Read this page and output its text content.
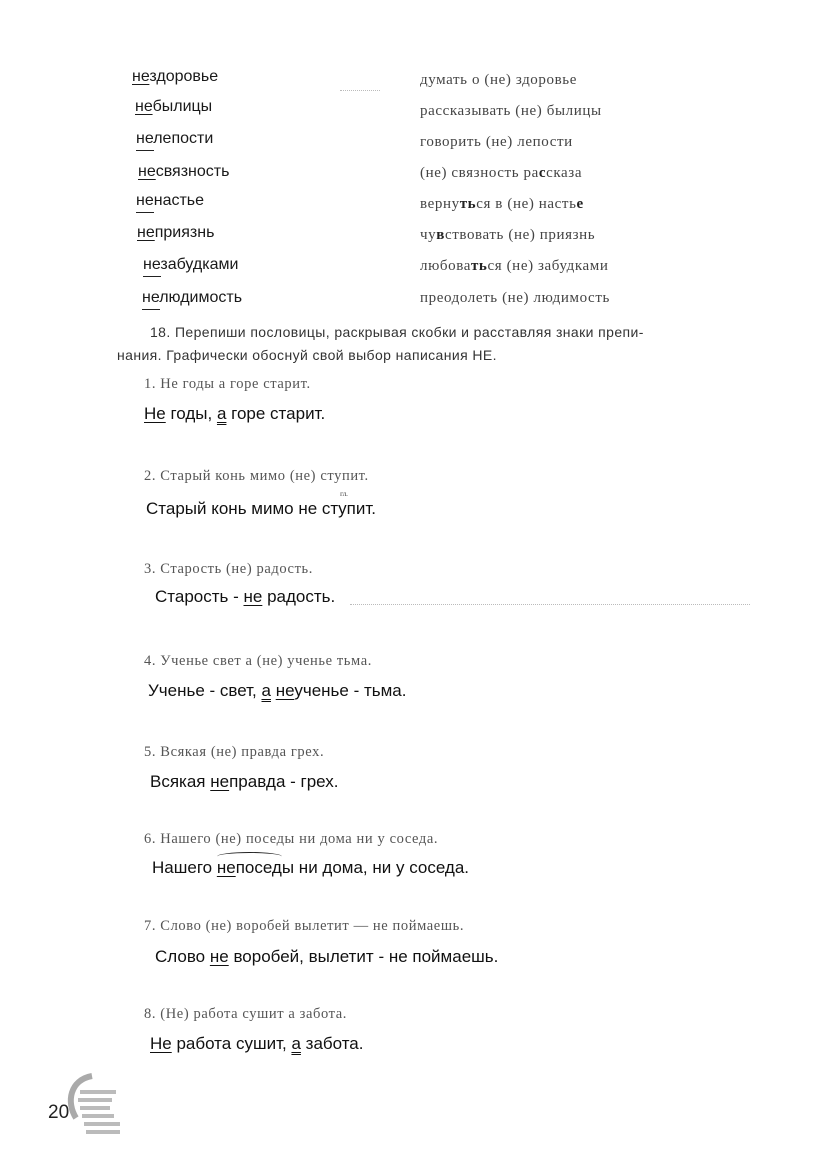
нездоровье	думать о (не) здоровье
небылицы	рассказывать (не) былицы
нелепости	говорить (не) лепости
несвязность	(не) связность рассказа
ненастье	вернуться в (не) настье
неприязнь	чувствовать (не) приязнь
незабудками	любоваться (не) забудками
нелюдимость	преодолеть (не) людимость
18. Перепиши пословицы, раскрывая скобки и расставляя знаки препи-
нания. Графически обоснуй свой выбор написания НЕ.
1. Не годы а горе старит.
Не годы, а горе старит.
2. Старый конь мимо (не) ступит.
Старый конь мимо не ст
гл.
упит.
3. Старость (не) радость.
Старость - не радость.
4. Ученье свет а (не) ученье тьма.
Ученье - свет, а неученье - тьма.
5. Всякая (не) правда грех.
Всякая неправда - грех.
6. Нашего (не) поседы ни дома ни у соседа.
Нашего непоседы ни дома, ни у соседа.
7. Слово (не) воробей вылетит — не поймаешь.
Слово не воробей, вылетит - не поймаешь.
8. (Не) работа сушит а забота.
Не работа сушит, а забота.
20
